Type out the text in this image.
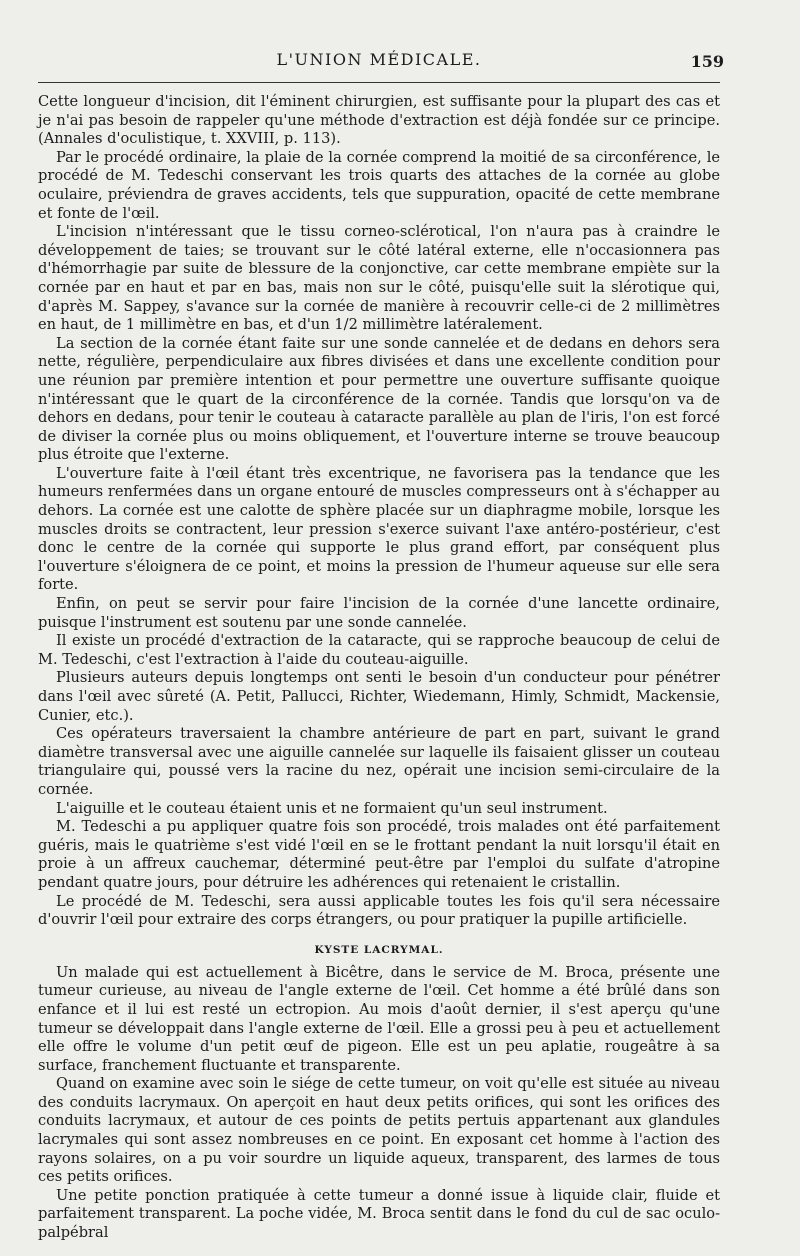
L'UNION MÉDICALE.	159

Cette longueur d'incision, dit l'éminent chirurgien, est suffisante pour la plupart des cas et je n'ai pas besoin de rappeler qu'une méthode d'extraction est déjà fondée sur ce principe. (Annales d'oculistique, t. XXVIII, p. 113).

Par le procédé ordinaire, la plaie de la cornée comprend la moitié de sa circonférence, le procédé de M. Tedeschi conservant les trois quarts des attaches de la cornée au globe oculaire, préviendra de graves accidents, tels que suppuration, opacité de cette membrane et fonte de l'œil.

L'incision n'intéressant que le tissu corneo-sclérotical, l'on n'aura pas à craindre le développement de taies; se trouvant sur le côté latéral externe, elle n'occasionnera pas d'hémorrhagie par suite de blessure de la conjonctive, car cette membrane empiète sur la cornée par en haut et par en bas, mais non sur le côté, puisqu'elle suit la slérotique qui, d'après M. Sappey, s'avance sur la cornée de manière à recouvrir celle-ci de 2 millimètres en haut, de 1 millimètre en bas, et d'un 1/2 millimètre latéralement.

La section de la cornée étant faite sur une sonde cannelée et de dedans en dehors sera nette, régulière, perpendiculaire aux fibres divisées et dans une excellente condition pour une réunion par première intention et pour permettre une ouverture suffisante quoique n'intéressant que le quart de la circonférence de la cornée. Tandis que lorsqu'on va de dehors en dedans, pour tenir le couteau à cataracte parallèle au plan de l'iris, l'on est forcé de diviser la cornée plus ou moins obliquement, et l'ouverture interne se trouve beaucoup plus étroite que l'externe.

L'ouverture faite à l'œil étant très excentrique, ne favorisera pas la tendance que les humeurs renfermées dans un organe entouré de muscles compresseurs ont à s'échapper au dehors. La cornée est une calotte de sphère placée sur un diaphragme mobile, lorsque les muscles droits se contractent, leur pression s'exerce suivant l'axe antéro-postérieur, c'est donc le centre de la cornée qui supporte le plus grand effort, par conséquent plus l'ouverture s'éloignera de ce point, et moins la pression de l'humeur aqueuse sur elle sera forte.

Enfin, on peut se servir pour faire l'incision de la cornée d'une lancette ordinaire, puisque l'instrument est soutenu par une sonde cannelée.

Il existe un procédé d'extraction de la cataracte, qui se rapproche beaucoup de celui de M. Tedeschi, c'est l'extraction à l'aide du couteau-aiguille.

Plusieurs auteurs depuis longtemps ont senti le besoin d'un conducteur pour pénétrer dans l'œil avec sûreté (A. Petit, Pallucci, Richter, Wiedemann, Himly, Schmidt, Mackensie, Cunier, etc.).

Ces opérateurs traversaient la chambre antérieure de part en part, suivant le grand diamètre transversal avec une aiguille cannelée sur laquelle ils faisaient glisser un couteau triangulaire qui, poussé vers la racine du nez, opérait une incision semi-circulaire de la cornée.

L'aiguille et le couteau étaient unis et ne formaient qu'un seul instrument.

M. Tedeschi a pu appliquer quatre fois son procédé, trois malades ont été parfaitement guéris, mais le quatrième s'est vidé l'œil en se le frottant pendant la nuit lorsqu'il était en proie à un affreux cauchemar, déterminé peut-être par l'emploi du sulfate d'atropine pendant quatre jours, pour détruire les adhérences qui retenaient le cristallin.

Le procédé de M. Tedeschi, sera aussi applicable toutes les fois qu'il sera nécessaire d'ouvrir l'œil pour extraire des corps étrangers, ou pour pratiquer la pupille artificielle.

KYSTE LACRYMAL.

Un malade qui est actuellement à Bicêtre, dans le service de M. Broca, présente une tumeur curieuse, au niveau de l'angle externe de l'œil. Cet homme a été brûlé dans son enfance et il lui est resté un ectropion. Au mois d'août dernier, il s'est aperçu qu'une tumeur se développait dans l'angle externe de l'œil. Elle a grossi peu à peu et actuellement elle offre le volume d'un petit œuf de pigeon. Elle est un peu aplatie, rougeâtre à sa surface, franchement fluctuante et transparente.

Quand on examine avec soin le siége de cette tumeur, on voit qu'elle est située au niveau des conduits lacrymaux. On aperçoit en haut deux petits orifices, qui sont les orifices des conduits lacrymaux, et autour de ces points de petits pertuis appartenant aux glandules lacrymales qui sont assez nombreuses en ce point. En exposant cet homme à l'action des rayons solaires, on a pu voir sourdre un liquide aqueux, transparent, des larmes de tous ces petits orifices.

Une petite ponction pratiquée à cette tumeur a donné issue à liquide clair, fluide et parfaitement transparent. La poche vidée, M. Broca sentit dans le fond du cul de sac oculo-palpébral
